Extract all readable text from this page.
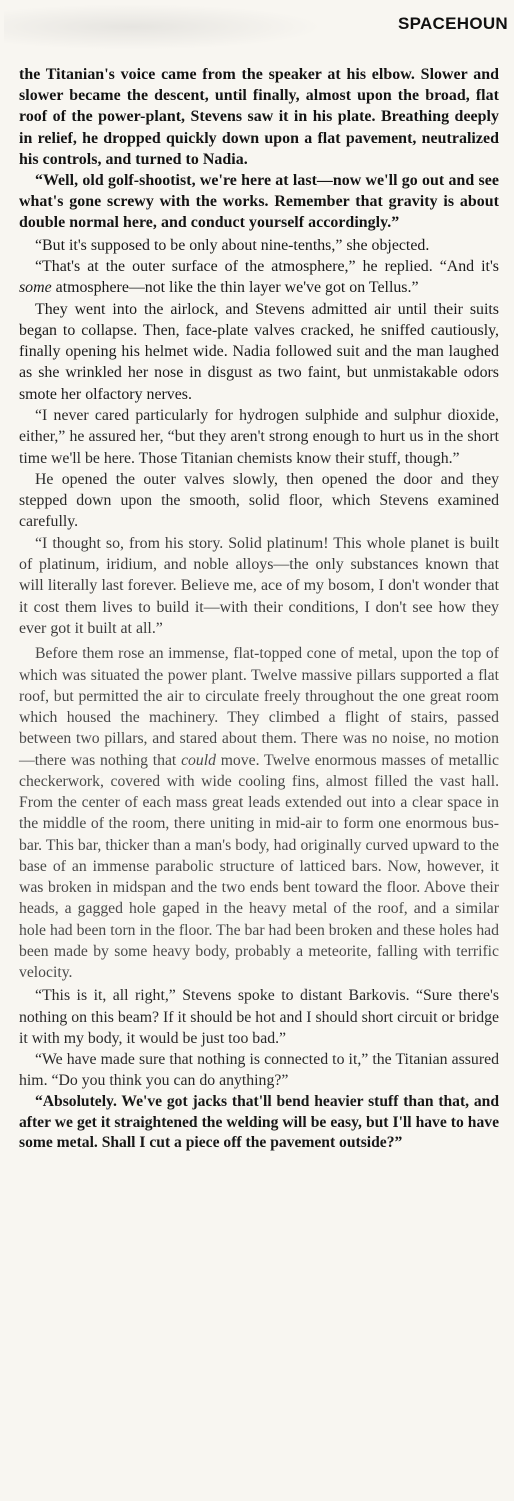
SPACEHOUN

the Titanian's voice came from the speaker at his elbow. Slower and slower became the descent, until finally, almost upon the broad, flat roof of the power-plant, Stevens saw it in his plate. Breathing deeply in relief, he dropped quickly down upon a flat pavement, neutralized his controls, and turned to Nadia.

“Well, old golf-shootist, we're here at last—now we'll go out and see what's gone screwy with the works. Remember that gravity is about double normal here, and conduct yourself accordingly.”

“But it's supposed to be only about nine-tenths,” she objected.

“That's at the outer surface of the atmosphere,” he replied. “And it's some atmosphere—not like the thin layer we've got on Tellus.”

They went into the airlock, and Stevens admitted air until their suits began to collapse. Then, face-plate valves cracked, he sniffed cautiously, finally opening his helmet wide. Nadia followed suit and the man laughed as she wrinkled her nose in disgust as two faint, but unmistakable odors smote her olfactory nerves.

“I never cared particularly for hydrogen sulphide and sulphur dioxide, either,” he assured her, “but they aren't strong enough to hurt us in the short time we'll be here. Those Titanian chemists know their stuff, though.”

He opened the outer valves slowly, then opened the door and they stepped down upon the smooth, solid floor, which Stevens examined carefully.

“I thought so, from his story. Solid platinum! This whole planet is built of platinum, iridium, and noble alloys—the only substances known that will literally last forever. Believe me, ace of my bosom, I don't wonder that it cost them lives to build it—with their conditions, I don't see how they ever got it built at all.”

Before them rose an immense, flat-topped cone of metal, upon the top of which was situated the power plant. Twelve massive pillars supported a flat roof, but permitted the air to circulate freely throughout the one great room which housed the machinery. They climbed a flight of stairs, passed between two pillars, and stared about them. There was no noise, no motion—there was nothing that could move. Twelve enormous masses of metallic checkerwork, covered with wide cooling fins, almost filled the vast hall. From the center of each mass great leads extended out into a clear space in the middle of the room, there uniting in mid-air to form one enormous bus-bar. This bar, thicker than a man's body, had originally curved upward to the base of an immense parabolic structure of latticed bars. Now, however, it was broken in midspan and the two ends bent toward the floor. Above their heads, a gagged hole gaped in the heavy metal of the roof, and a similar hole had been torn in the floor. The bar had been broken and these holes had been made by some heavy body, probably a meteorite, falling with terrific velocity.

“This is it, all right,” Stevens spoke to distant Barkovis. “Sure there's nothing on this beam? If it should be hot and I should short circuit or bridge it with my body, it would be just too bad.”

“We have made sure that nothing is connected to it,” the Titanian assured him. “Do you think you can do anything?”

“Absolutely. We've got jacks that'll bend heavier stuff than that, and after we get it straightened the welding will be easy, but I'll have to have some metal. Shall I cut a piece off the pavement outside?”
